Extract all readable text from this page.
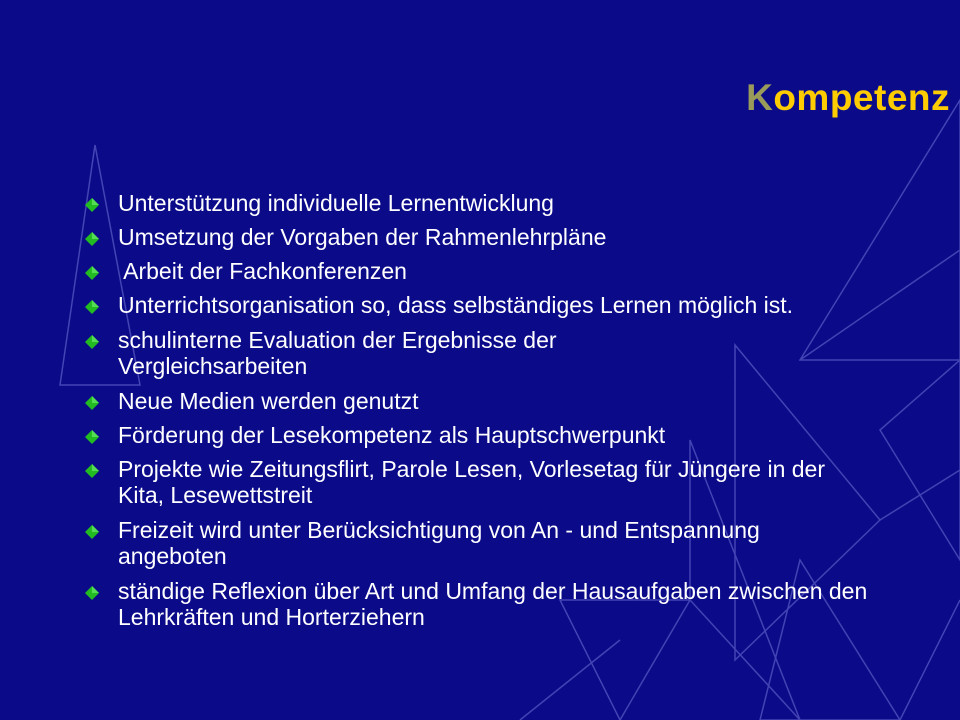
Kompetenz
Unterstützung individuelle Lernentwicklung
Umsetzung der Vorgaben der Rahmenlehrpläne
Arbeit der Fachkonferenzen
Unterrichtsorganisation so, dass selbständiges Lernen möglich ist.
schulinterne Evaluation der Ergebnisse der Vergleichsarbeiten
Neue Medien werden genutzt
Förderung der Lesekompetenz als Hauptschwerpunkt
Projekte wie Zeitungsflirt, Parole Lesen, Vorlesetag für Jüngere in der Kita, Lesewettstreit
Freizeit wird unter Berücksichtigung von An - und Entspannung angeboten
ständige Reflexion über Art und Umfang der Hausaufgaben zwischen den Lehrkräften und Horterziehern
